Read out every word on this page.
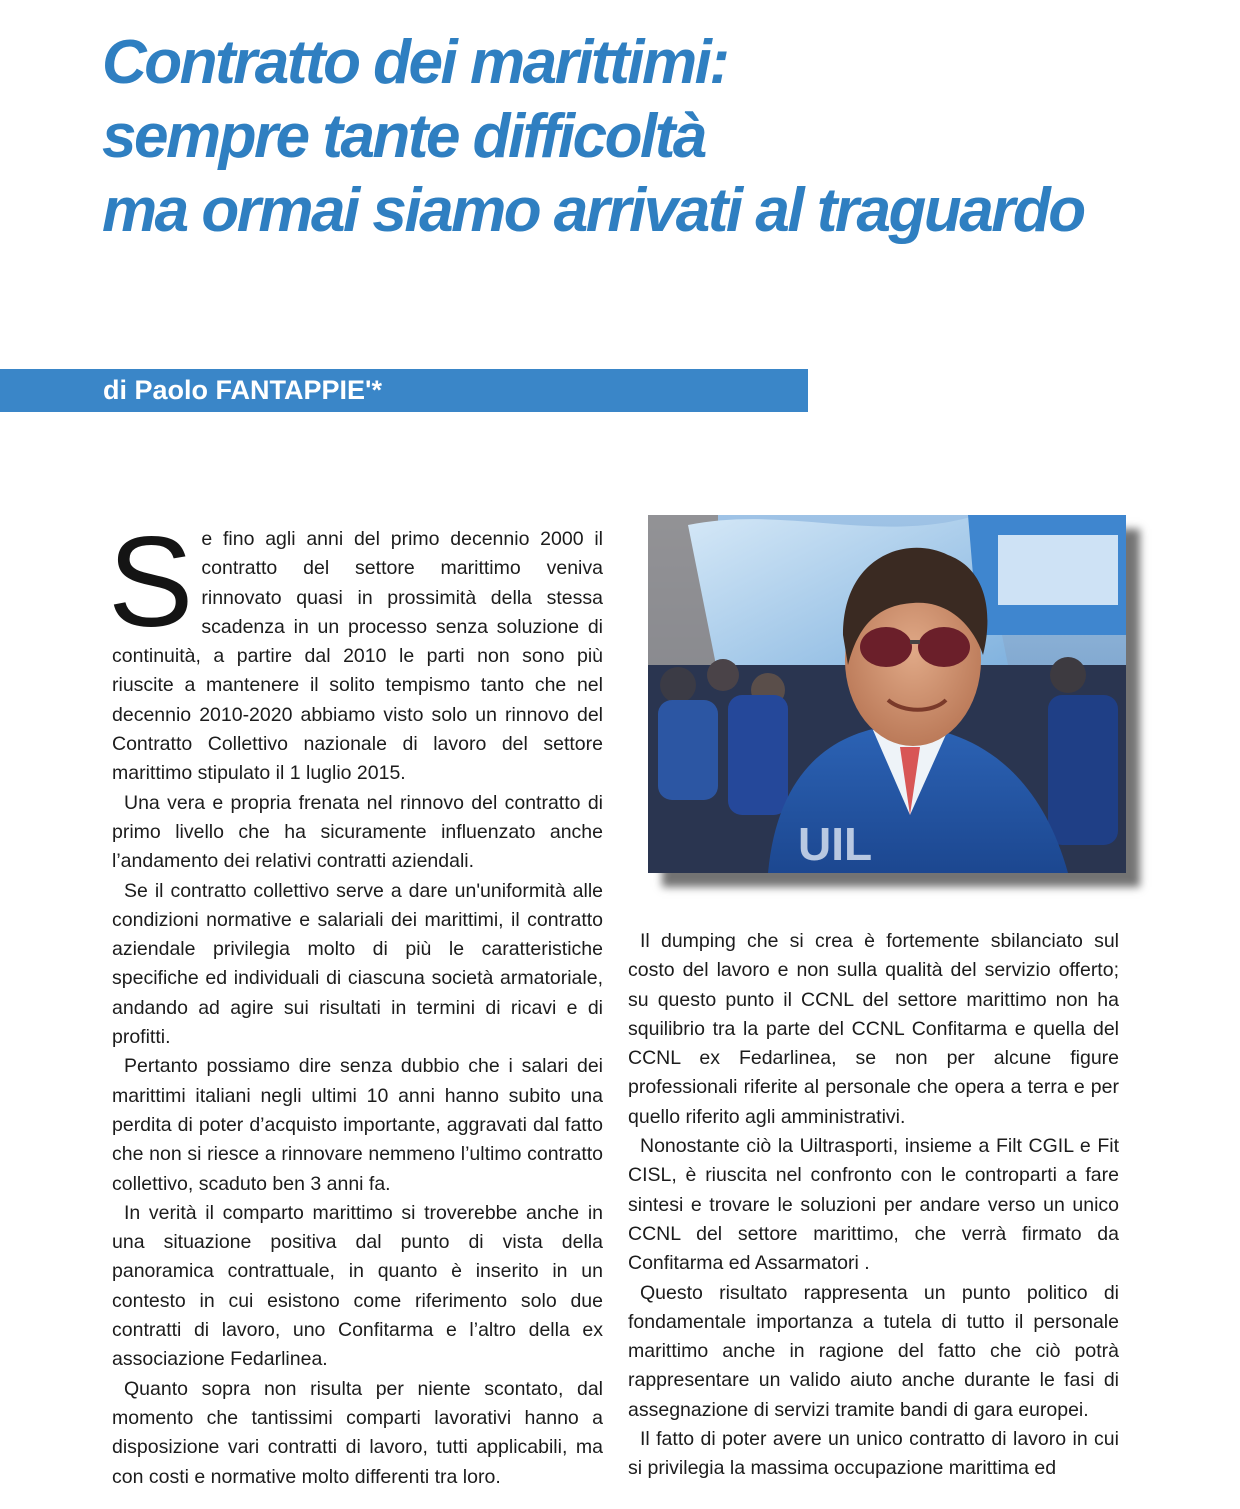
Contratto dei marittimi:
sempre tante difficoltà
ma ormai siamo arrivati al traguardo
di Paolo FANTAPPIE'*

Se fino agli anni del primo decennio 2000 il contratto del settore marittimo veniva rinnovato quasi in prossimità della stessa scadenza in un processo senza soluzione di continuità, a partire dal 2010 le parti non sono più riuscite a mantenere il solito tempismo tanto che nel decennio 2010-2020 abbiamo visto solo un rinnovo del Contratto Collettivo nazionale di lavoro del settore marittimo stipulato il 1 luglio 2015.

Una vera e propria frenata nel rinnovo del contratto di primo livello che ha sicuramente influenzato anche l’andamento dei relativi contratti aziendali.

Se il contratto collettivo serve a dare un'uniformità alle condizioni normative e salariali dei marittimi, il contratto aziendale privilegia molto di più le caratteristiche specifiche ed individuali di ciascuna società armatoriale, andando ad agire sui risultati in termini di ricavi e di profitti.

Pertanto possiamo dire senza dubbio che i salari dei marittimi italiani negli ultimi 10 anni hanno subito una perdita di poter d’acquisto importante, aggravati dal fatto che non si riesce a rinnovare nemmeno l’ultimo contratto collettivo, scaduto ben 3 anni fa.

In verità il comparto marittimo si troverebbe anche in una situazione positiva dal punto di vista della panoramica contrattuale, in quanto è inserito in un contesto in cui esistono come riferimento solo due contratti di lavoro, uno Confitarma e l’altro della ex associazione Fedarlinea.

Quanto sopra non risulta per niente scontato, dal momento che tantissimi comparti lavorativi hanno a disposizione vari contratti di lavoro, tutti applicabili, ma con costi e normative molto differenti tra loro.

UIL

Il dumping che si crea è fortemente sbilanciato sul costo del lavoro e non sulla qualità del servizio offerto; su questo punto il CCNL del settore marittimo non ha squilibrio tra la parte del CCNL Confitarma e quella del CCNL ex Fedarlinea, se non per alcune figure professionali riferite al personale che opera a terra e per quello riferito agli amministrativi.

Nonostante ciò la Uiltrasporti, insieme a Filt CGIL e Fit CISL, è riuscita nel confronto con le controparti a fare sintesi e trovare le soluzioni per andare verso un unico CCNL del settore marittimo, che verrà firmato da Confitarma ed Assarmatori .

Questo risultato rappresenta un punto politico di fondamentale importanza a tutela di tutto il personale marittimo anche in ragione del fatto che ciò potrà rappresentare un valido aiuto anche durante le fasi di assegnazione di servizi tramite bandi di gara europei.

Il fatto di poter avere un unico contratto di lavoro in cui si privilegia la massima occupazione marittima ed
